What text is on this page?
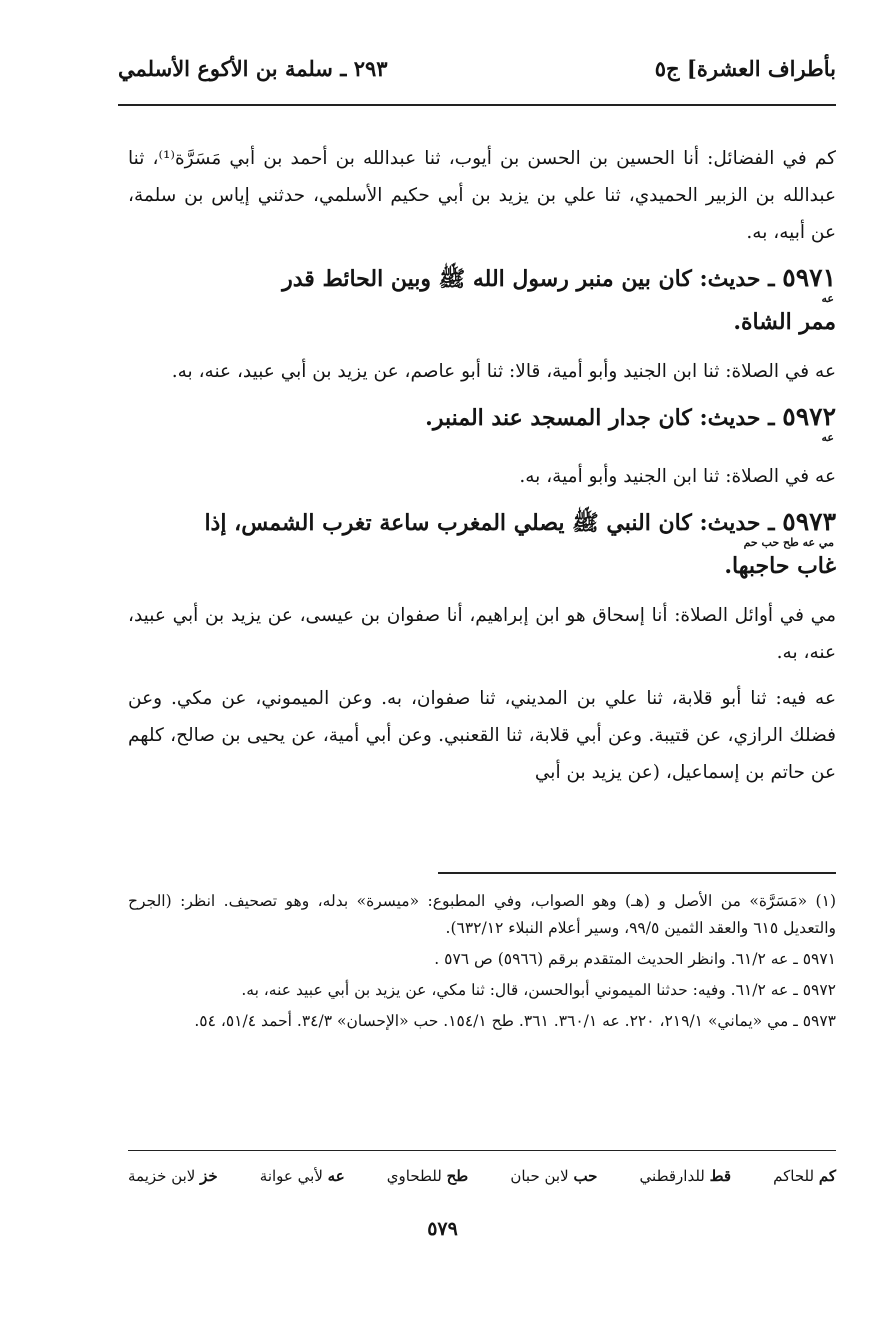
بأطراف العشرة] ج٥
٢٩٣ ـ سلمة بن الأكوع الأسلمي

كم في الفضائل: أنا الحسين بن الحسن بن أيوب، ثنا عبدالله بن أحمد بن أبي مَسَرَّة⁽¹⁾، ثنا عبدالله بن الزبير الحميدي، ثنا علي بن يزيد بن أبي حكيم الأسلمي، حدثني إياس بن سلمة، عن أبيه، به.

٥٩٧١ ـ حديث: كان بين منبر رسول الله ﷺ وبين الحائط قدر
عه
ممر الشاة.

عه في الصلاة: ثنا ابن الجنيد وأبو أمية، قالا: ثنا أبو عاصم، عن يزيد بن أبي عبيد، عنه، به.

٥٩٧٢ ـ حديث: كان جدار المسجد عند المنبر.
عه

عه في الصلاة: ثنا ابن الجنيد وأبو أمية، به.

٥٩٧٣ ـ حديث: كان النبي ﷺ يصلي المغرب ساعة تغرب الشمس، إذا
مي عه طح حب حم
غاب حاجبها.

مي في أوائل الصلاة: أنا إسحاق هو ابن إبراهيم، أنا صفوان بن عيسى، عن يزيد بن أبي عبيد، عنه، به.

عه فيه: ثنا أبو قلابة، ثنا علي بن المديني، ثنا صفوان، به. وعن الميموني، عن مكي. وعن فضلك الرازي، عن قتيبة. وعن أبي قلابة، ثنا القعنبي. وعن أبي أمية، عن يحيى بن صالح، كلهم عن حاتم بن إسماعيل، (عن يزيد بن أبي

(١) «مَسَرَّة» من الأصل و (هـ) وهو الصواب، وفي المطبوع: «ميسرة» بدله، وهو تصحيف. انظر: (الجرح والتعديل ٦١٥ والعقد الثمين ٩٩/٥، وسير أعلام النبلاء ٦٣٢/١٢).

٥٩٧١ ـ عه ٦١/٢. وانظر الحديث المتقدم برقم (٥٩٦٦) ص ٥٧٦ .

٥٩٧٢ ـ عه ٦١/٢. وفيه: حدثنا الميموني أبوالحسن، قال: ثنا مكي، عن يزيد بن أبي عبيد عنه، به.

٥٩٧٣ ـ مي «يماني» ٢١٩/١، ٢٢٠. عه ٣٦٠/١. ٣٦١. طح ١٥٤/١. حب «الإحسان» ٣٤/٣. أحمد ٥١/٤، ٥٤.

خز لابن خزيمة	عه لأبي عوانة	طح للطحاوي	حب لابن حبان	قط للدارقطني	كم للحاكم
٥٧٩
